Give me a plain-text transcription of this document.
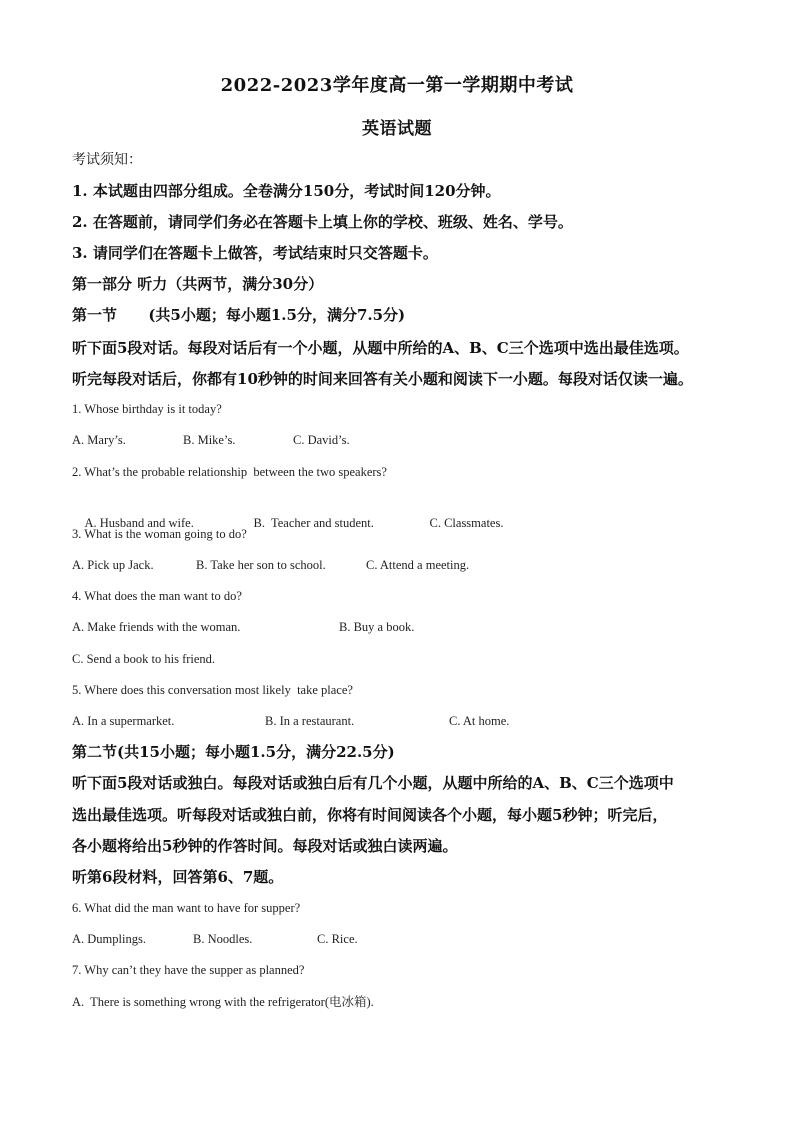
2022-2023学年度高一第一学期期中考试
英语试题
考试须知：
1. 本试题由四部分组成。全卷满分150分，考试时间120分钟。
2. 在答题前，请同学们务必在答题卡上填上你的学校、班级、姓名、学号。
3. 请同学们在答题卡上做答，考试结束时只交答题卡。
第一部分 听力（共两节，满分30分）
第一节      (共5小题；每小题1.5分，满分7.5分)
听下面5段对话。每段对话后有一个小题，从题中所给的A、B、C三个选项中选出最佳选项。
听完每段对话后，你都有10秒钟的时间来回答有关小题和阅读下一小题。每段对话仅读一遍。
1. Whose birthday is it today?
A. Mary’s.	B. Mike’s.	C. David’s.
2. What’s the probable relationship  between the two speakers?

A. Husband and wife.	B.  Teacher and student.	C. Classmates.

3. What is the woman going to do?
A. Pick up Jack.	B. Take her son to school.	C. Attend a meeting.
4. What does the man want to do?
A. Make friends with the woman.	B. Buy a book.
C. Send a book to his friend.
5. Where does this conversation most likely  take place?
A. In a supermarket.	B. In a restaurant.	C. At home.
第二节(共15小题；每小题1.5分，满分22.5分)
听下面5段对话或独白。每段对话或独白后有几个小题，从题中所给的A、B、C三个选项中
选出最佳选项。听每段对话或独白前，你将有时间阅读各个小题，每小题5秒钟；听完后，
各小题将给出5秒钟的作答时间。每段对话或独白读两遍。
听第6段材料，回答第6、7题。
6. What did the man want to have for supper?
A. Dumplings.	B. Noodles.	C. Rice.
7. Why can’t they have the supper as planned?
A.  There is something wrong with the refrigerator(电冰箱).
